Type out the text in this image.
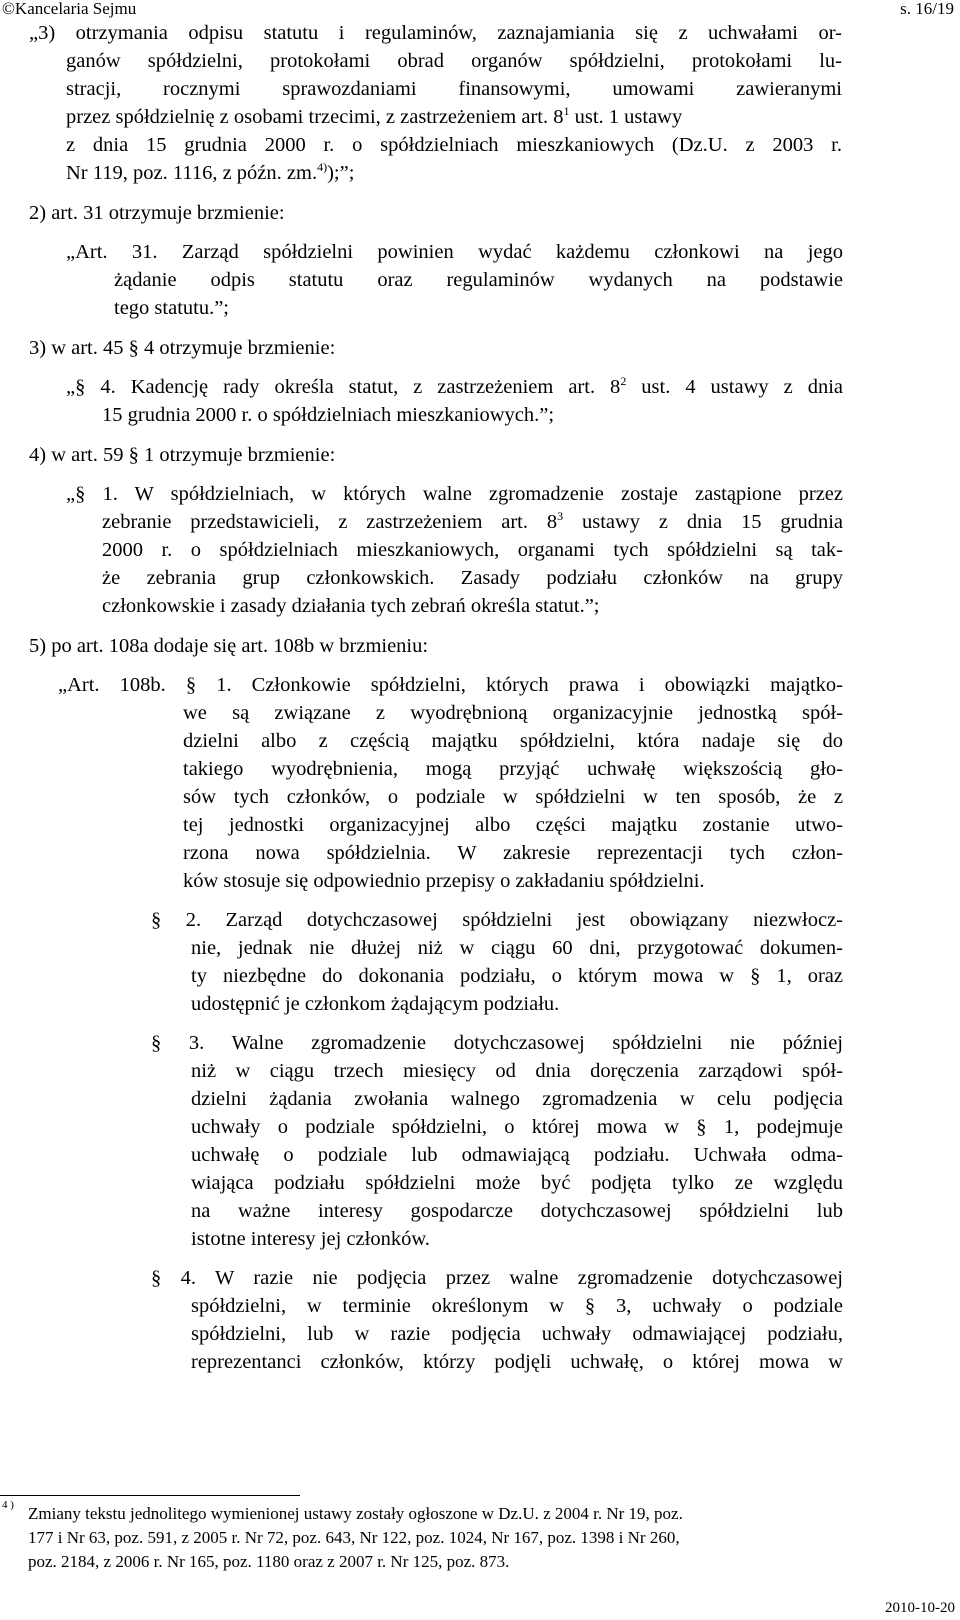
©Kancelaria Sejmu	s. 16/19
„3) otrzymania odpisu statutu i regulaminów, zaznajamiania się z uchwałami or-
ganów spółdzielni, protokołami obrad organów spółdzielni, protokołami lu-
stracji, rocznymi sprawozdaniami finansowymi, umowami zawieranymi
przez spółdzielnię z osobami trzecimi, z zastrzeżeniem art. $8^1$ ust. 1 ustawy
z dnia 15 grudnia 2000 r. o spółdzielniach mieszkaniowych (Dz.U. z 2003 r.
Nr 119, poz. 1116, z późn. zm.$^{4)}$);”;
2) art. 31 otrzymuje brzmienie:
„Art. 31. Zarząd spółdzielni powinien wydać każdemu członkowi na jego
żądanie odpis statutu oraz regulaminów wydanych na podstawie
tego statutu.”;
3) w art. 45 § 4 otrzymuje brzmienie:
„§ 4. Kadencję rady określa statut, z zastrzeżeniem art. $8^2$ ust. 4 ustawy z dnia
15 grudnia 2000 r. o spółdzielniach mieszkaniowych.”;
4) w art. 59 § 1 otrzymuje brzmienie:
„§ 1. W spółdzielniach, w których walne zgromadzenie zostaje zastąpione przez
zebranie przedstawicieli, z zastrzeżeniem art. $8^3$ ustawy z dnia 15 grudnia
2000 r. o spółdzielniach mieszkaniowych, organami tych spółdzielni są tak-
że zebrania grup członkowskich. Zasady podziału członków na grupy
członkowskie i zasady działania tych zebrań określa statut.”;
5) po art. 108a dodaje się art. 108b w brzmieniu:
„Art. 108b. § 1. Członkowie spółdzielni, których prawa i obowiązki majątko-
we są związane z wyodrębnioną organizacyjnie jednostką spół-
dzielni albo z częścią majątku spółdzielni, która nadaje się do
takiego wyodrębnienia, mogą przyjąć uchwałę większością gło-
sów tych członków, o podziale w spółdzielni w ten sposób, że z
tej jednostki organizacyjnej albo części majątku zostanie utwo-
rzona nowa spółdzielnia. W zakresie reprezentacji tych człon-
ków stosuje się odpowiednio przepisy o zakładaniu spółdzielni.
§ 2. Zarząd dotychczasowej spółdzielni jest obowiązany niezwłocz-
nie, jednak nie dłużej niż w ciągu 60 dni, przygotować dokumen-
ty niezbędne do dokonania podziału, o którym mowa w § 1, oraz
udostępnić je członkom żądającym podziału.
§ 3. Walne zgromadzenie dotychczasowej spółdzielni nie później
niż w ciągu trzech miesięcy od dnia doręczenia zarządowi spół-
dzielni żądania zwołania walnego zgromadzenia w celu podjęcia
uchwały o podziale spółdzielni, o której mowa w § 1, podejmuje
uchwałę o podziale lub odmawiającą podziału. Uchwała odma-
wiająca podziału spółdzielni może być podjęta tylko ze względu
na ważne interesy gospodarcze dotychczasowej spółdzielni lub
istotne interesy jej członków.
§ 4. W razie nie podjęcia przez walne zgromadzenie dotychczasowej
spółdzielni, w terminie określonym w § 3, uchwały o podziale
spółdzielni, lub w razie podjęcia uchwały odmawiającej podziału,
reprezentanci członków, którzy podjęli uchwałę, o której mowa w
$^{4 )}$ Zmiany tekstu jednolitego wymienionej ustawy zostały ogłoszone w Dz.U. z 2004 r. Nr 19, poz.
177 i Nr 63, poz. 591, z 2005 r. Nr 72, poz. 643, Nr 122, poz. 1024, Nr 167, poz. 1398 i Nr 260,
poz. 2184, z 2006 r. Nr 165, poz. 1180 oraz z 2007 r. Nr 125, poz. 873.
2010-10-20
